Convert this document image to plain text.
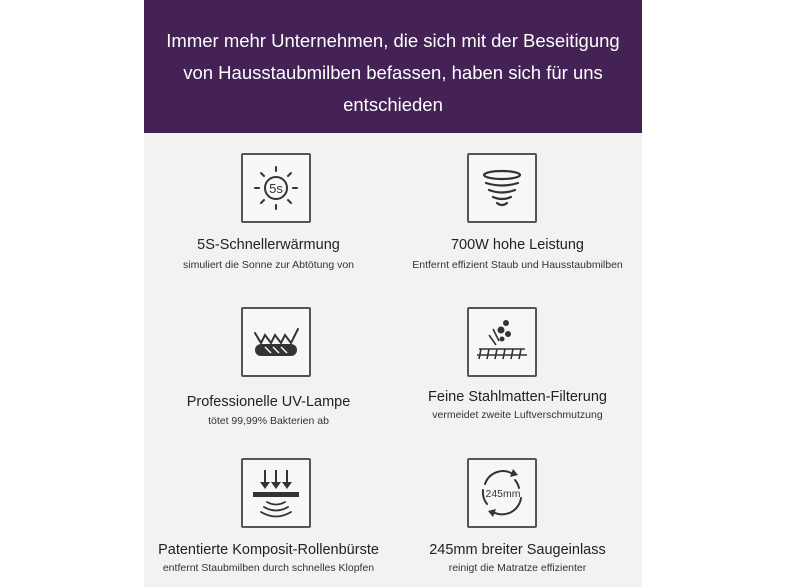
Immer mehr Unternehmen, die sich mit der Beseitigung von Hausstaubmilben befassen, haben sich für uns entschieden
5s
5S-Schnellerwärmung
simuliert die Sonne zur Abtötung von
700W hohe Leistung
Entfernt effizient Staub und Hausstaubmilben
Professionelle UV-Lampe
tötet 99,99% Bakterien ab
Feine Stahlmatten-Filterung
vermeidet zweite Luftverschmutzung
Patentierte Komposit-Rollenbürste
entfernt Staubmilben durch schnelles Klopfen
245mm
245mm breiter Saugeinlass
reinigt die Matratze effizienter
